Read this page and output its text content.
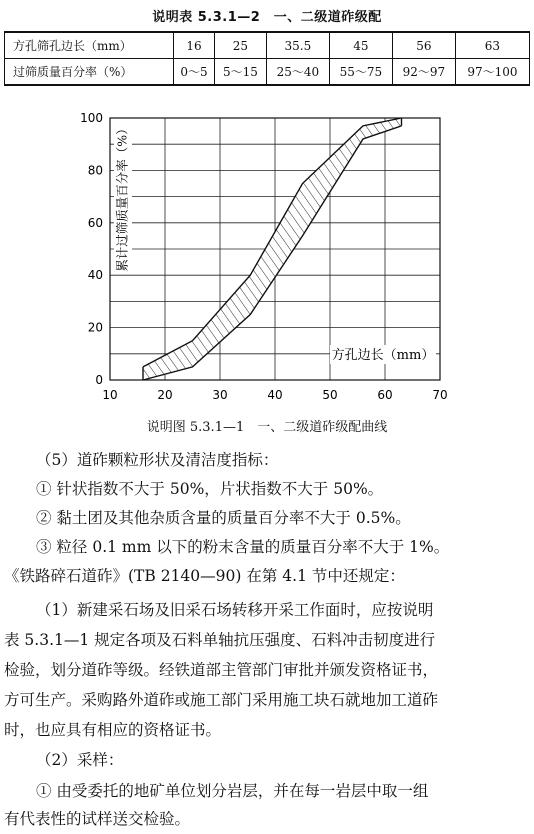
说明表 5.3.1—2　一、二级道砟级配
方孔筛孔边长（mm）	16	25	35.5	45	56	63
过筛质量百分率（%）	0～5	5～15	25～40	55～75	92～97	97～100
10	20	30	40	50	60	70
0
20
40
60
80
100
方孔边长（mm）
累计过筛质量百分率（%）
说明图 5.3.1—1　一、二级道砟级配曲线
（5）道砟颗粒形状及清洁度指标：
① 针状指数不大于 50%，片状指数不大于 50%。
② 黏土团及其他杂质含量的质量百分率不大于 0.5%。
③ 粒径 0.1 mm 以下的粉末含量的质量百分率不大于 1%。
《铁路碎石道砟》(TB 2140—90) 在第 4.1 节中还规定：
（1）新建采石场及旧采石场转移开采工作面时，应按说明
表 5.3.1—1 规定各项及石料单轴抗压强度、石料冲击韧度进行
检验，划分道砟等级。经铁道部主管部门审批并颁发资格证书，
方可生产。采购路外道砟或施工部门采用施工块石就地加工道砟
时，也应具有相应的资格证书。
（2）采样：
① 由受委托的地矿单位划分岩层，并在每一岩层中取一组
有代表性的试样送交检验。
